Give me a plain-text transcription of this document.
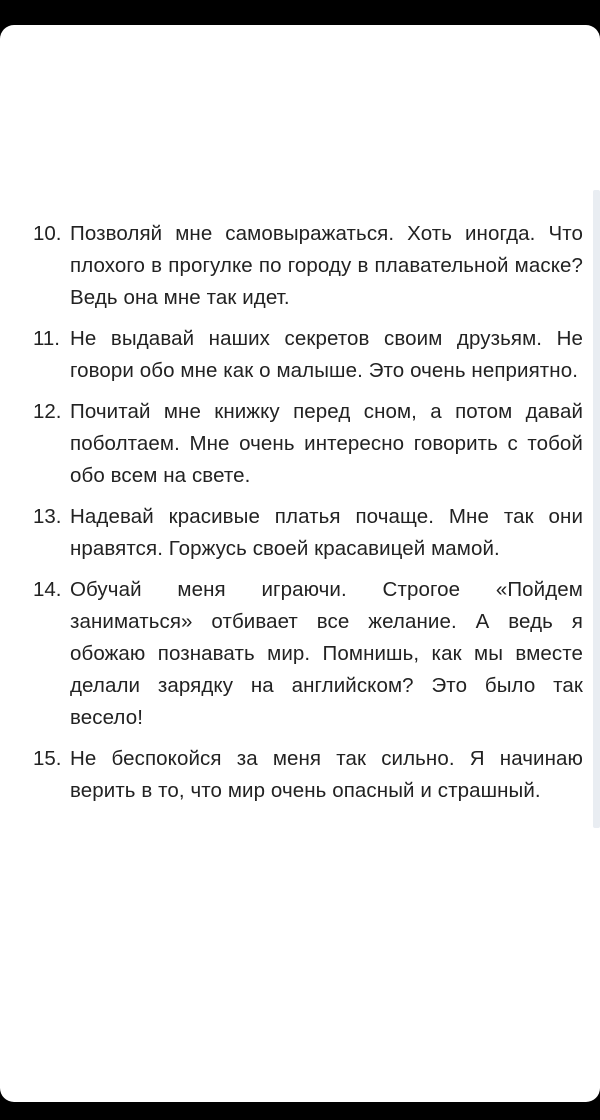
10. Позволяй мне самовыражаться. Хоть иногда. Что плохого в прогулке по городу в плавательной маске? Ведь она мне так идет.
11. Не выдавай наших секретов своим друзьям. Не говори обо мне как о малыше. Это очень неприятно.
12. Почитай мне книжку перед сном, а потом давай поболтаем. Мне очень интересно говорить с тобой обо всем на свете.
13. Надевай красивые платья почаще. Мне так они нравятся. Горжусь своей красавицей мамой.
14. Обучай меня играючи. Строгое «Пойдем заниматься» отбивает все желание. А ведь я обожаю познавать мир. Помнишь, как мы вместе делали зарядку на английском? Это было так весело!
15. Не беспокойся за меня так сильно. Я начинаю верить в то, что мир очень опасный и страшный.
